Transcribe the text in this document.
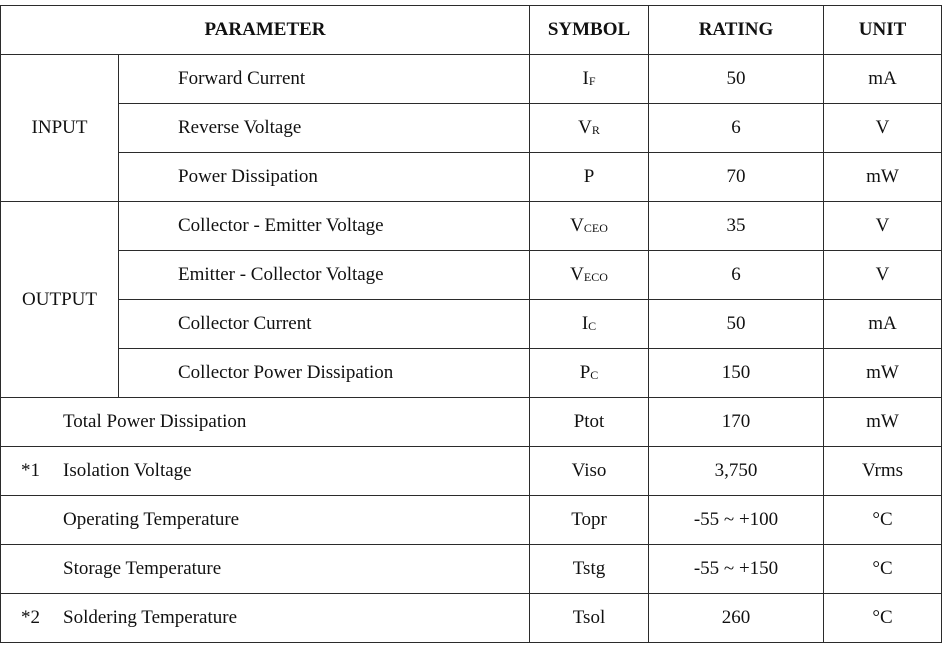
PARAMETER		SYMBOL	RATING	UNIT
INPUT	Forward Current	$I_F$	50	mA
	Reverse Voltage	$V_R$	6	V
	Power Dissipation	P	70	mW
OUTPUT	Collector - Emitter Voltage	$V_{CEO}$	35	V
	Emitter - Collector Voltage	$V_{ECO}$	6	V
	Collector Current	$I_C$	50	mA
	Collector Power Dissipation	$P_C$	150	mW
Total Power Dissipation		Ptot	170	mW
*1 Isolation Voltage		Viso	3,750	Vrms
Operating Temperature		Topr	-55 ~ +100	°C
Storage Temperature		Tstg	-55 ~ +150	°C
*2 Soldering Temperature		Tsol	260	°C
